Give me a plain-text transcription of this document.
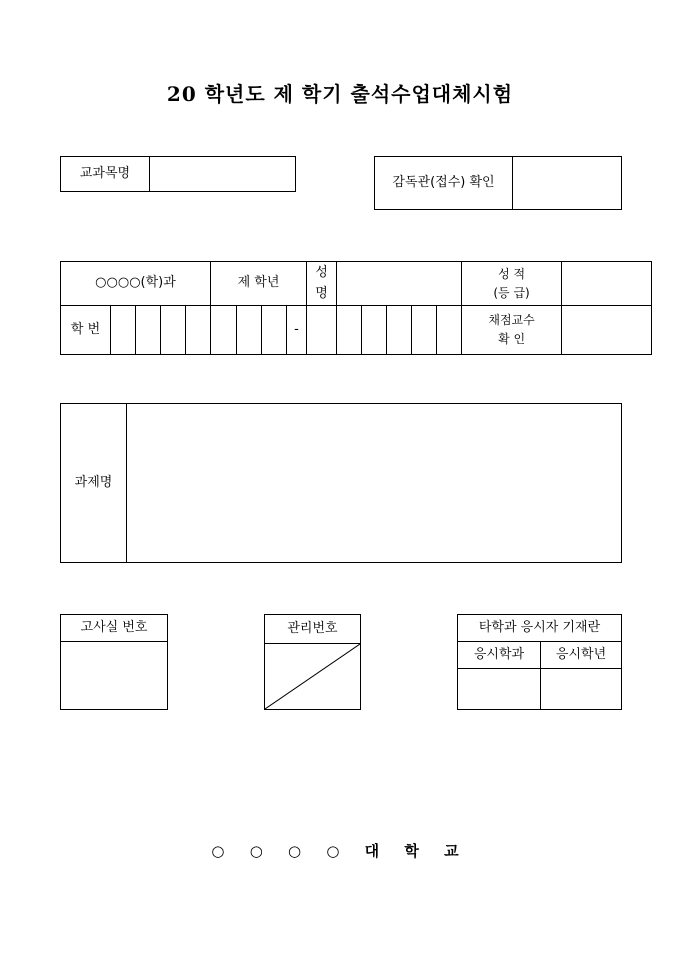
20 학년도 제 학기 출석수업대체시험
교과목명	
감독관(접수) 확인	
○○○○(학)과					제 학년				성 명						성 적
(등 급)	

학 번								-							채점교수
확 인	

과제명	
고사실 번호	관리번호	타학과 응시자 기재란	
응시학과	응시학년

○ ○ ○ ○ 대 학 교
